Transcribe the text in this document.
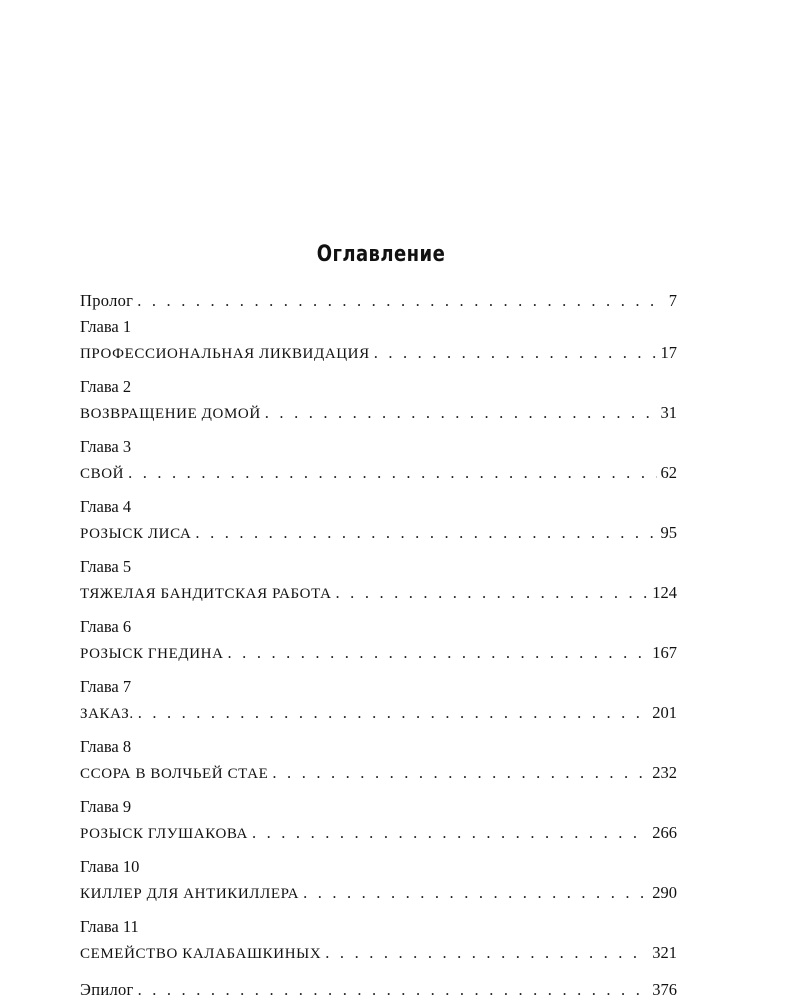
Оглавление
Пролог . . .	7
Глава 1
ПРОФЕССИОНАЛЬНАЯ ЛИКВИДАЦИЯ . . .	17
Глава 2
ВОЗВРАЩЕНИЕ ДОМОЙ . . .	31
Глава 3
СВОЙ . . .	62
Глава 4
РОЗЫСК ЛИСА . . .	95
Глава 5
ТЯЖЕЛАЯ БАНДИТСКАЯ РАБОТА . . .	124
Глава 6
РОЗЫСК ГНЕДИНА . . .	167
Глава 7
ЗАКАЗ. . . .	201
Глава 8
ССОРА В ВОЛЧЬЕЙ СТАЕ . . .	232
Глава 9
РОЗЫСК ГЛУШАКОВА . . .	266
Глава 10
КИЛЛЕР ДЛЯ АНТИКИЛЛЕРА . . .	290
Глава 11
СЕМЕЙСТВО КАЛАБАШКИНЫХ . . .	321
Эпилог . . .	376
